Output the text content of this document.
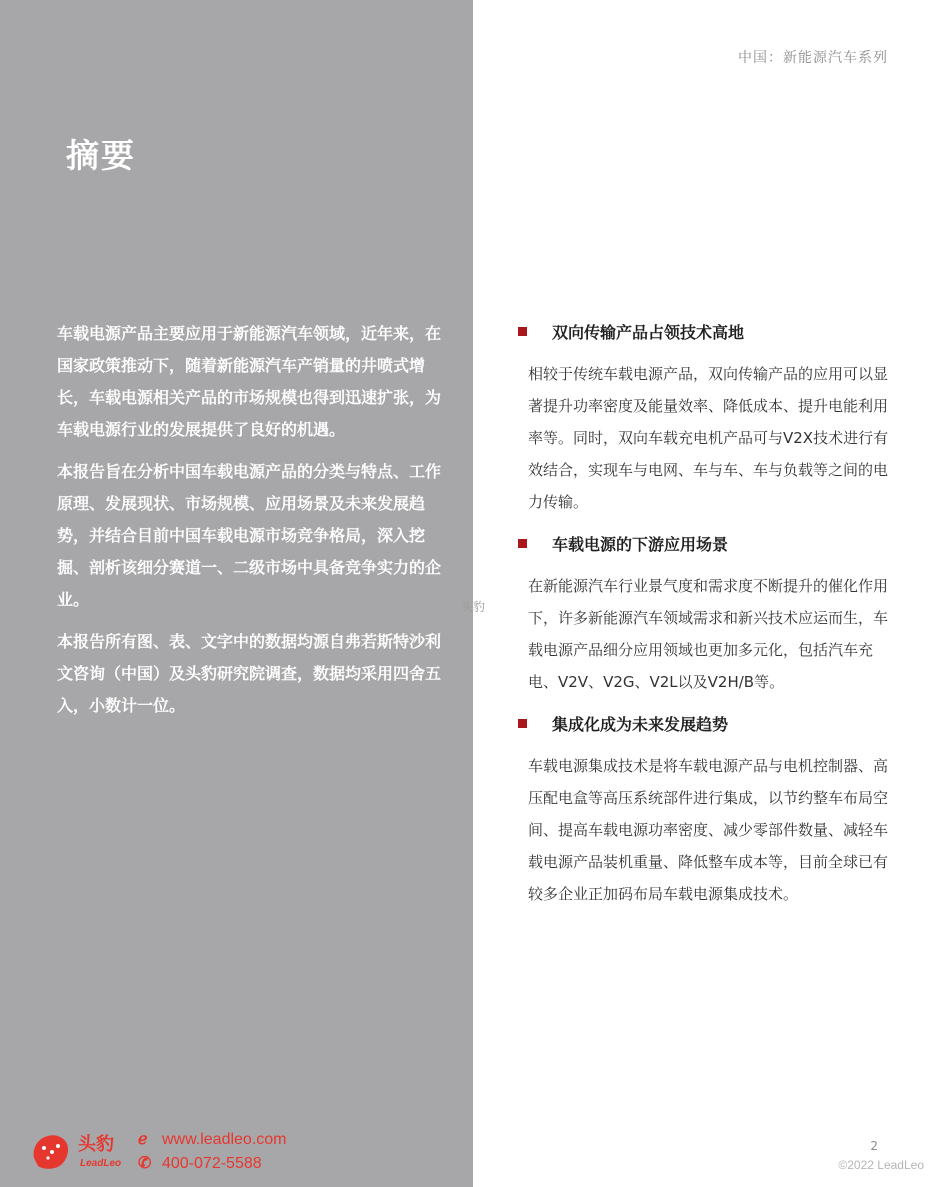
摘要

车载电源产品主要应用于新能源汽车领域，近年来，在国家政策推动下，随着新能源汽车产销量的井喷式增长，车载电源相关产品的市场规模也得到迅速扩张，为车载电源行业的发展提供了良好的机遇。

本报告旨在分析中国车载电源产品的分类与特点、工作原理、发展现状、市场规模、应用场景及未来发展趋势，并结合目前中国车载电源市场竞争格局，深入挖掘、剖析该细分赛道一、二级市场中具备竞争实力的企业。

本报告所有图、表、文字中的数据均源自弗若斯特沙利文咨询（中国）及头豹研究院调查，数据均采用四舍五入，小数计一位。

中国：新能源汽车系列
头豹
双向传输产品占领技术高地

相较于传统车载电源产品，双向传输产品的应用可以显著提升功率密度及能量效率、降低成本、提升电能利用率等。同时，双向车载充电机产品可与V2X技术进行有效结合，实现车与电网、车与车、车与负载等之间的电力传输。

车载电源的下游应用场景

在新能源汽车行业景气度和需求度不断提升的催化作用下，许多新能源汽车领域需求和新兴技术应运而生，车载电源产品细分应用领域也更加多元化，包括汽车充电、V2V、V2G、V2L以及V2H/B等。

集成化成为未来发展趋势

车载电源集成技术是将车载电源产品与电机控制器、高压配电盒等高压系统部件进行集成，以节约整车布局空间、提高车载电源功率密度、减少零部件数量、减轻车载电源产品装机重量、降低整车成本等，目前全球已有较多企业正加码布局车载电源集成技术。

头豹
LeadLeo
ℯ www.leadleo.com
✆ 400-072-5588
2
©2022 LeadLeo
